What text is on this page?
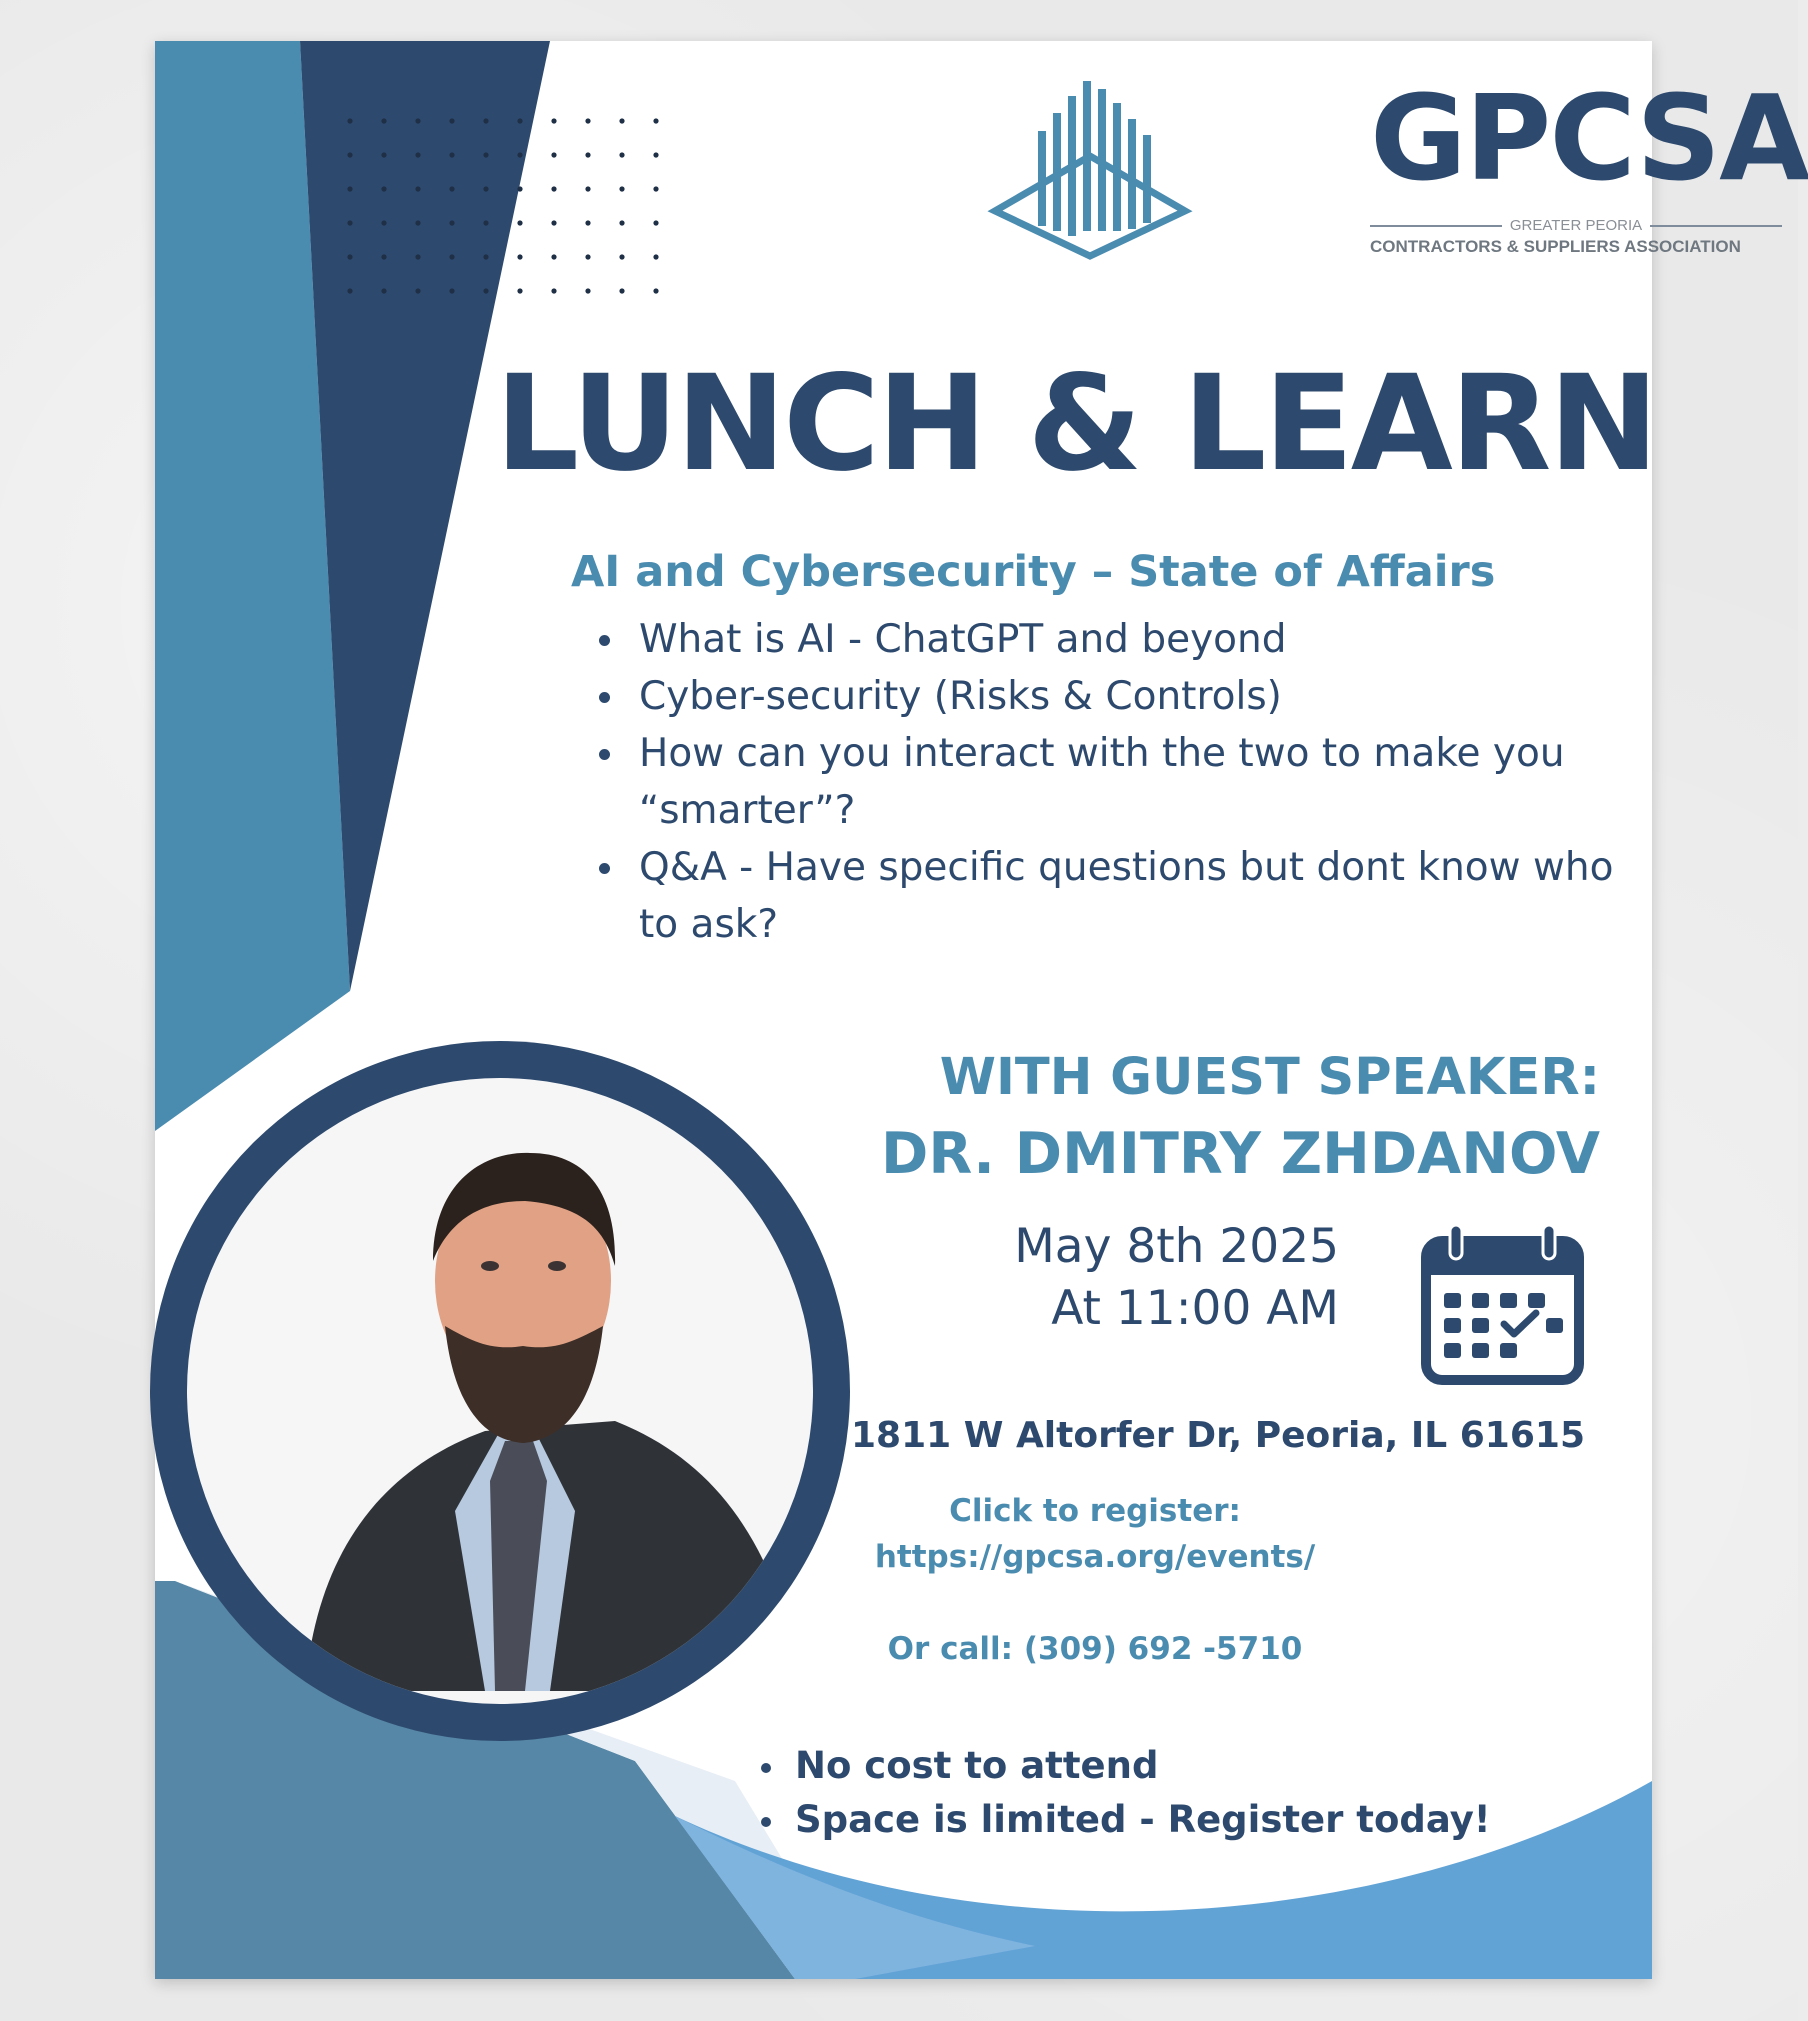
GPCSA
GREATER PEORIA
CONTRACTORS & SUPPLIERS ASSOCIATION
LUNCH & LEARN
AI and Cybersecurity – State of Affairs
What is AI - ChatGPT and beyond
Cyber-security (Risks & Controls)
How can you interact with the two to make you “smarter”?
Q&A - Have specific questions but dont know who to ask?
WITH GUEST SPEAKER:
DR. DMITRY ZHDANOV
May 8th 2025
At 11:00 AM
1811 W Altorfer Dr, Peoria, IL 61615
Click to register:
https://gpcsa.org/events/
Or call: (309) 692 -5710
No cost to attend
Space is limited - Register today!
